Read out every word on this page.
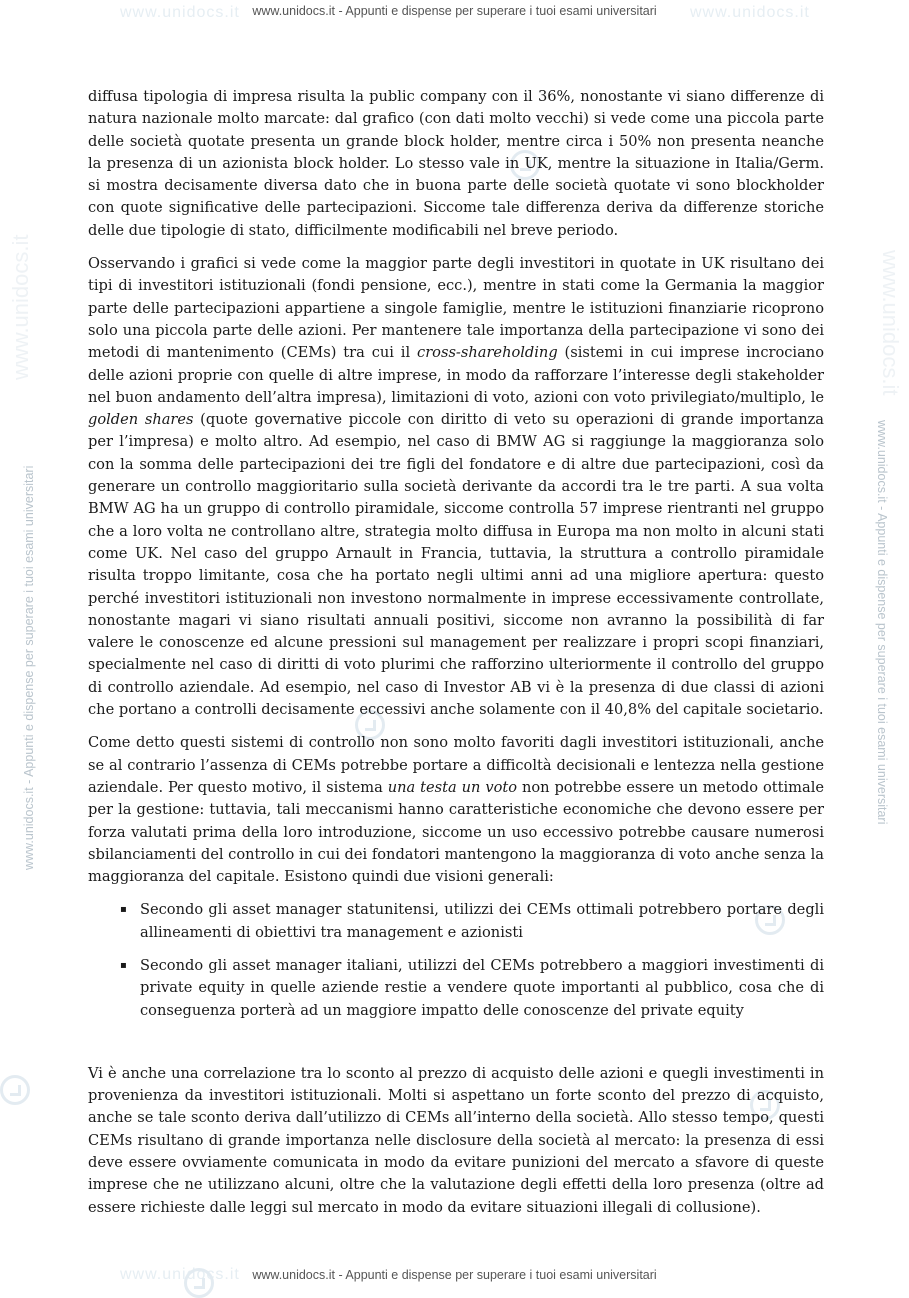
www.unidocs.it	www.unidocs.it
www.unidocs.it
www.unidocs.it	www.unidocs.it
www.unidocs.it - Appunti e dispense per superare i tuoi esami universitari
www.unidocs.it - Appunti e dispense per superare i tuoi esami universitari
www.unidocs.it - Appunti e dispense per superare i tuoi esami universitari	www.unidocs.it - Appunti e dispense per superare i tuoi esami universitari

diffusa tipologia di impresa risulta la public company con il 36%, nonostante vi siano differenze di natura nazionale molto marcate: dal grafico (con dati molto vecchi) si vede come una piccola parte delle società quotate presenta un grande block holder, mentre circa i 50% non presenta neanche la presenza di un azionista block holder. Lo stesso vale in UK, mentre la situazione in Italia/Germ. si mostra decisamente diversa dato che in buona parte delle società quotate vi sono blockholder con quote significative delle partecipazioni. Siccome tale differenza deriva da differenze storiche delle due tipologie di stato, difficilmente modificabili nel breve periodo.

Osservando i grafici si vede come la maggior parte degli investitori in quotate in UK risultano dei tipi di investitori istituzionali (fondi pensione, ecc.), mentre in stati come la Germania la maggior parte delle partecipazioni appartiene a singole famiglie, mentre le istituzioni finanziarie ricoprono solo una piccola parte delle azioni. Per mantenere tale importanza della partecipazione vi sono dei metodi di mantenimento (CEMs) tra cui il cross-shareholding (sistemi in cui imprese incrociano delle azioni proprie con quelle di altre imprese, in modo da rafforzare l’interesse degli stakeholder nel buon andamento dell’altra impresa), limitazioni di voto, azioni con voto privilegiato/multiplo, le golden shares (quote governative piccole con diritto di veto su operazioni di grande importanza per l’impresa) e molto altro. Ad esempio, nel caso di BMW AG si raggiunge la maggioranza solo con la somma delle partecipazioni dei tre figli del fondatore e di altre due partecipazioni, così da generare un controllo maggioritario sulla società derivante da accordi tra le tre parti. A sua volta BMW AG ha un gruppo di controllo piramidale, siccome controlla 57 imprese rientranti nel gruppo che a loro volta ne controllano altre, strategia molto diffusa in Europa ma non molto in alcuni stati come UK. Nel caso del gruppo Arnault in Francia, tuttavia, la struttura a controllo piramidale risulta troppo limitante, cosa che ha portato negli ultimi anni ad una migliore apertura: questo perché investitori istituzionali non investono normalmente in imprese eccessivamente controllate, nonostante magari vi siano risultati annuali positivi, siccome non avranno la possibilità di far valere le conoscenze ed alcune pressioni sul management per realizzare i propri scopi finanziari, specialmente nel caso di diritti di voto plurimi che rafforzino ulteriormente il controllo del gruppo di controllo aziendale. Ad esempio, nel caso di Investor AB vi è la presenza di due classi di azioni che portano a controlli decisamente eccessivi anche solamente con il 40,8% del capitale societario.

Come detto questi sistemi di controllo non sono molto favoriti dagli investitori istituzionali, anche se al contrario l’assenza di CEMs potrebbe portare a difficoltà decisionali e lentezza nella gestione aziendale. Per questo motivo, il sistema una testa un voto non potrebbe essere un metodo ottimale per la gestione: tuttavia, tali meccanismi hanno caratteristiche economiche che devono essere per forza valutati prima della loro introduzione, siccome un uso eccessivo potrebbe causare numerosi sbilanciamenti del controllo in cui dei fondatori mantengono la maggioranza di voto anche senza la maggioranza del capitale. Esistono quindi due visioni generali:

▪ Secondo gli asset manager statunitensi, utilizzi dei CEMs ottimali potrebbero portare degli allineamenti di obiettivi tra management e azionisti
▪ Secondo gli asset manager italiani, utilizzi del CEMs potrebbero a maggiori investimenti di private equity in quelle aziende restie a vendere quote importanti al pubblico, cosa che di conseguenza porterà ad un maggiore impatto delle conoscenze del private equity

Vi è anche una correlazione tra lo sconto al prezzo di acquisto delle azioni e quegli investimenti in provenienza da investitori istituzionali. Molti si aspettano un forte sconto del prezzo di acquisto, anche se tale sconto deriva dall’utilizzo di CEMs all’interno della società. Allo stesso tempo, questi CEMs risultano di grande importanza nelle disclosure della società al mercato: la presenza di essi deve essere ovviamente comunicata in modo da evitare punizioni del mercato a sfavore di queste imprese che ne utilizzano alcuni, oltre che la valutazione degli effetti della loro presenza (oltre ad essere richieste dalle leggi sul mercato in modo da evitare situazioni illegali di collusione).
